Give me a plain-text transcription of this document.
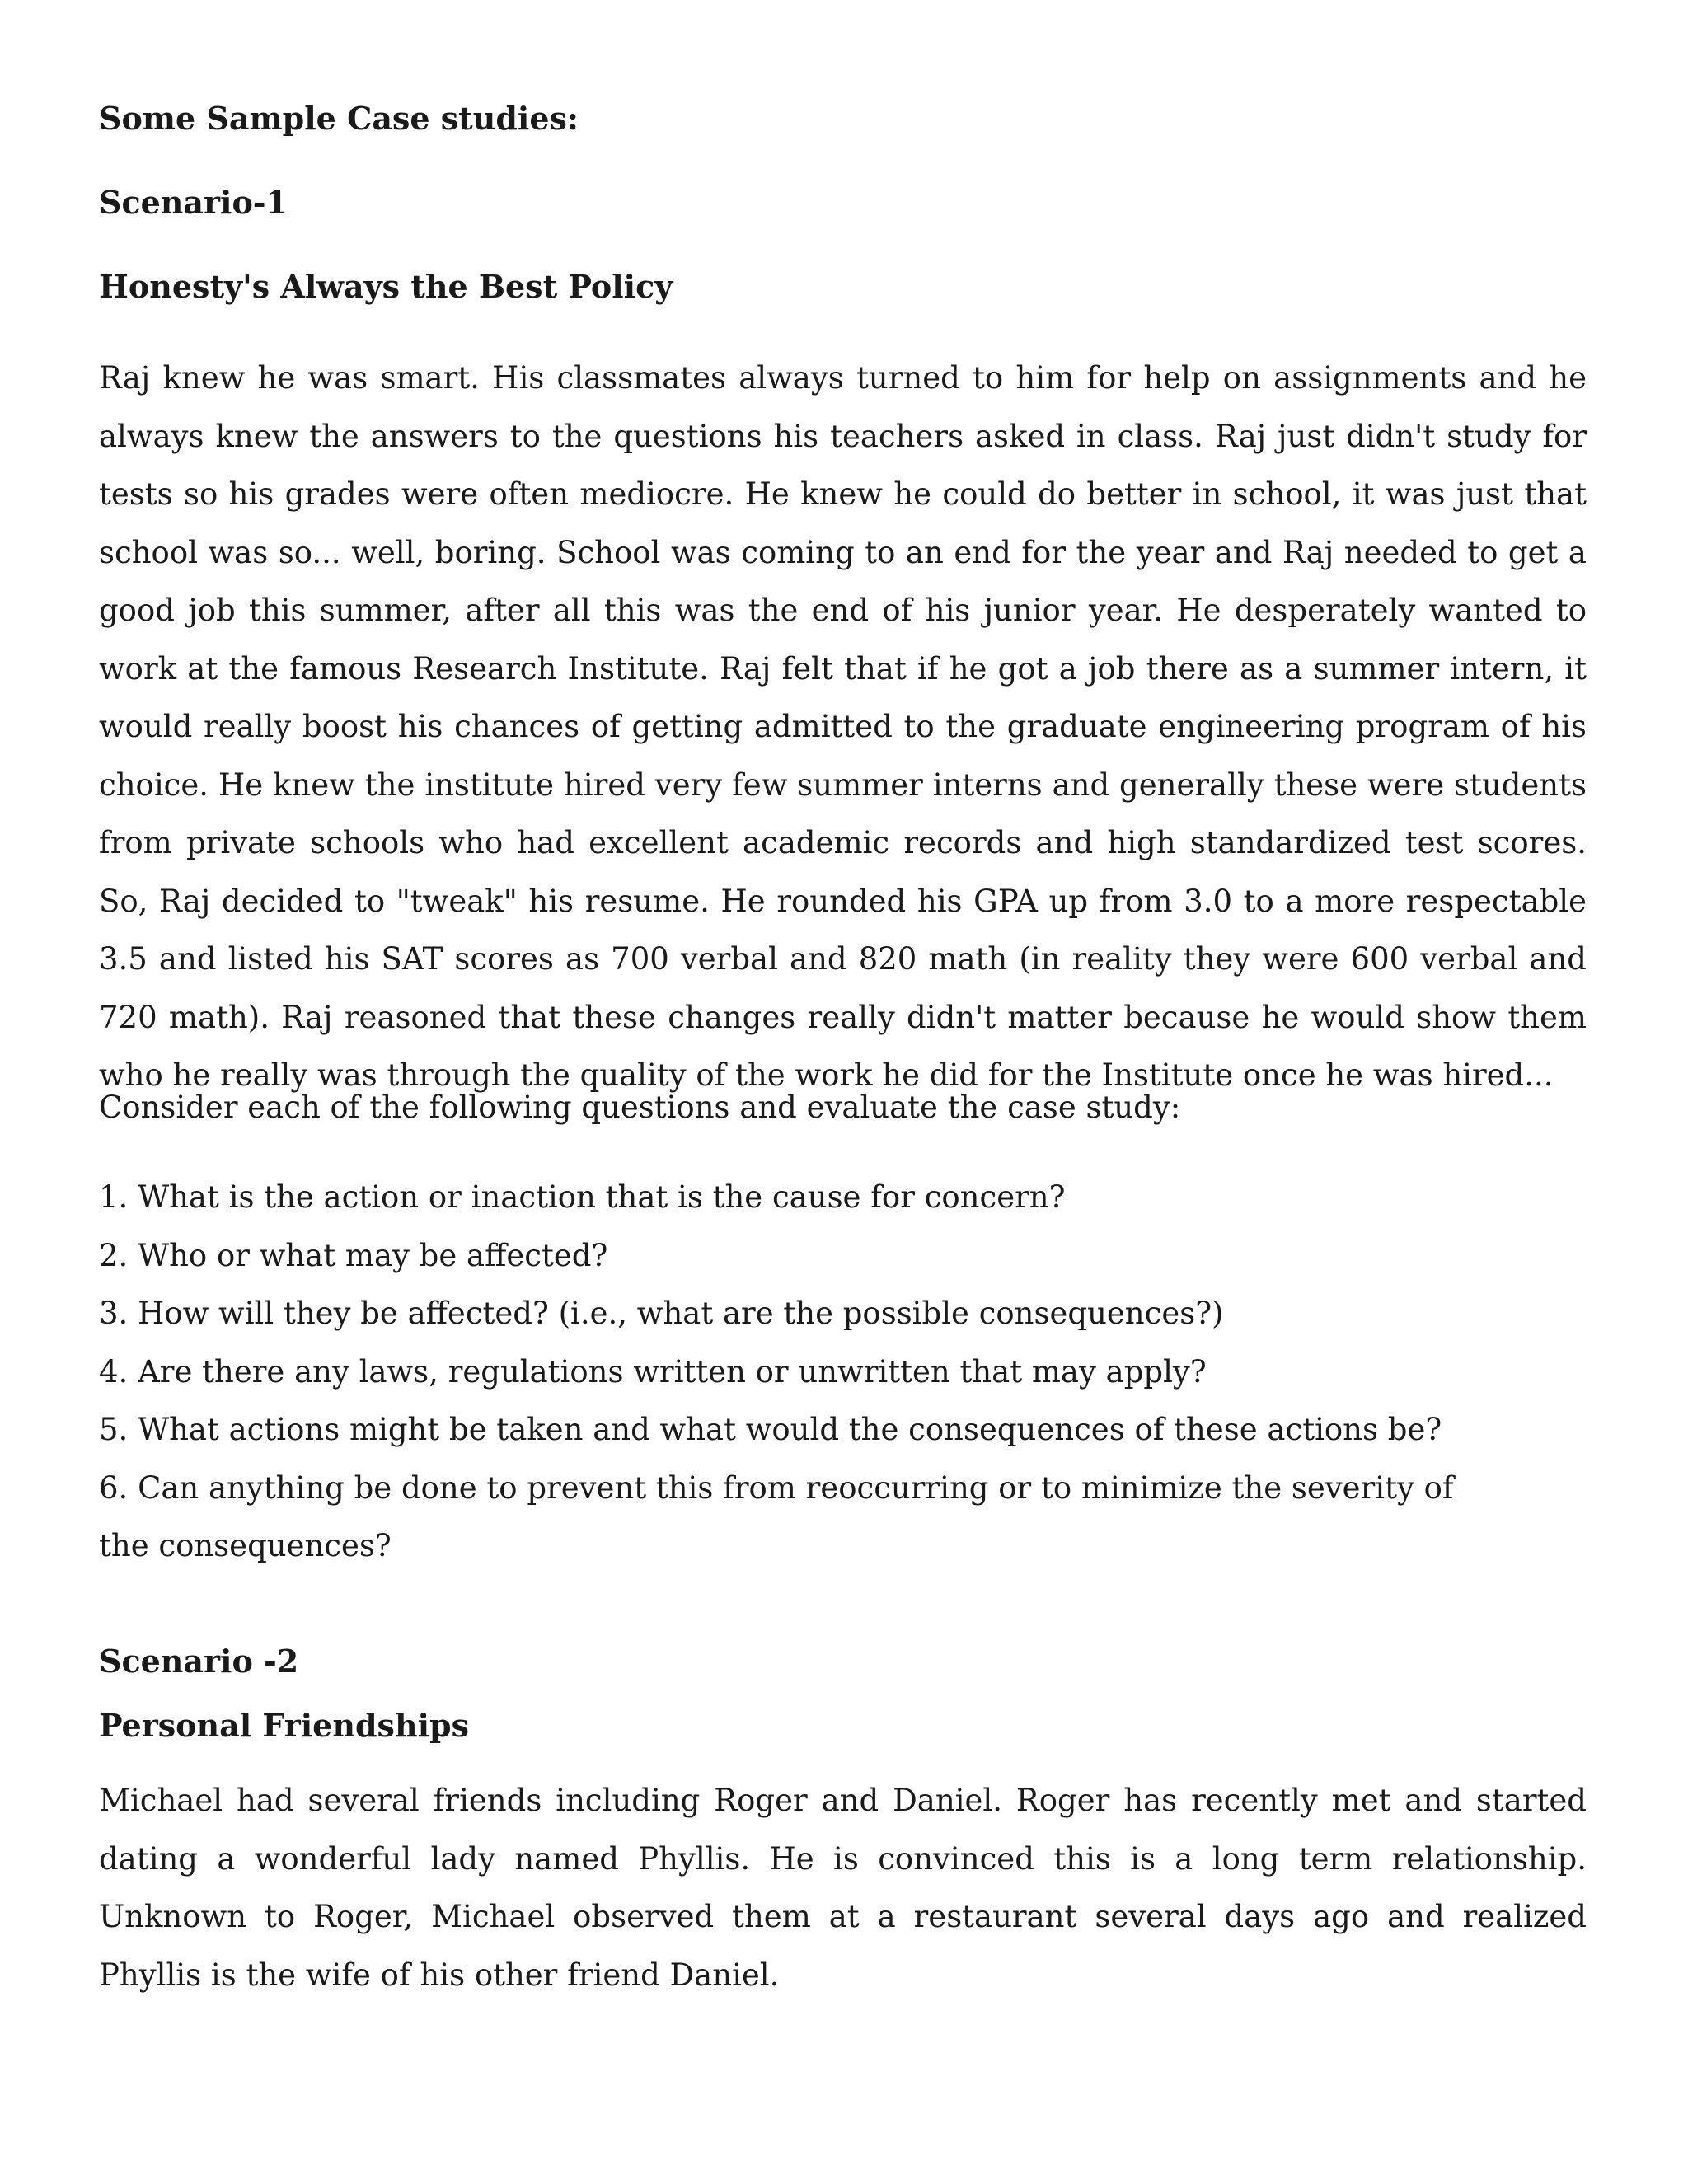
Some Sample Case studies:
Scenario-1
Honesty's Always the Best Policy

Raj knew he was smart. His classmates always turned to him for help on assignments and he always knew the answers to the questions his teachers asked in class. Raj just didn't study for tests so his grades were often mediocre. He knew he could do better in school, it was just that school was so... well, boring. School was coming to an end for the year and Raj needed to get a good job this summer, after all this was the end of his junior year. He desperately wanted to work at the famous Research Institute. Raj felt that if he got a job there as a summer intern, it would really boost his chances of getting admitted to the graduate engineering program of his choice. He knew the institute hired very few summer interns and generally these were students from private schools who had excellent academic records and high standardized test scores. So, Raj decided to "tweak" his resume. He rounded his GPA up from 3.0 to a more respectable 3.5 and listed his SAT scores as 700 verbal and 820 math (in reality they were 600 verbal and 720 math). Raj reasoned that these changes really didn't matter because he would show them who he really was through the quality of the work he did for the Institute once he was hired...

Consider each of the following questions and evaluate the case study:

1. What is the action or inaction that is the cause for concern?
2. Who or what may be affected?
3. How will they be affected? (i.e., what are the possible consequences?)
4. Are there any laws, regulations written or unwritten that may apply?
5. What actions might be taken and what would the consequences of these actions be?
6. Can anything be done to prevent this from reoccurring or to minimize the severity of the consequences?
Scenario -2
Personal Friendships

Michael had several friends including Roger and Daniel. Roger has recently met and started dating a wonderful lady named Phyllis. He is convinced this is a long term relationship. Unknown to Roger, Michael observed them at a restaurant several days ago and realized Phyllis is the wife of his other friend Daniel.
